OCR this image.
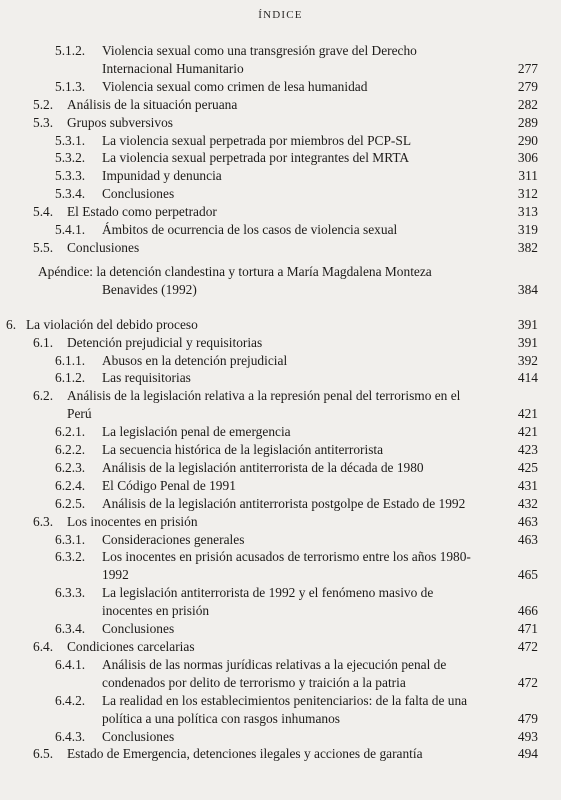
ÍNDICE
5.1.2. Violencia sexual como una transgresión grave del Derecho Internacional Humanitario	277
5.1.3. Violencia sexual como crimen de lesa humanidad	279
5.2. Análisis de la situación peruana	282
5.3. Grupos subversivos	289
5.3.1. La violencia sexual perpetrada por miembros del PCP-SL	290
5.3.2. La violencia sexual perpetrada por integrantes del MRTA	306
5.3.3. Impunidad y denuncia	311
5.3.4. Conclusiones	312
5.4. El Estado como perpetrador	313
5.4.1. Ámbitos de ocurrencia de los casos de violencia sexual	319
5.5. Conclusiones	382
Apéndice: la detención clandestina y tortura a María Magdalena Monteza Benavides (1992)	384
6. La violación del debido proceso	391
6.1. Detención prejudicial y requisitorias	391
6.1.1. Abusos en la detención prejudicial	392
6.1.2. Las requisitorias	414
6.2. Análisis de la legislación relativa a la represión penal del terrorismo en el Perú	421
6.2.1. La legislación penal de emergencia	421
6.2.2. La secuencia histórica de la legislación antiterrorista	423
6.2.3. Análisis de la legislación antiterrorista de la década de 1980	425
6.2.4. El Código Penal de 1991	431
6.2.5. Análisis de la legislación antiterrorista postgolpe de Estado de 1992	432
6.3. Los inocentes en prisión	463
6.3.1. Consideraciones generales	463
6.3.2. Los inocentes en prisión acusados de terrorismo entre los años 1980-1992	465
6.3.3. La legislación antiterrorista de 1992 y el fenómeno masivo de inocentes en prisión	466
6.3.4. Conclusiones	471
6.4. Condiciones carcelarias	472
6.4.1. Análisis de las normas jurídicas relativas a la ejecución penal de condenados por delito de terrorismo y traición a la patria	472
6.4.2. La realidad en los establecimientos penitenciarios: de la falta de una política a una política con rasgos inhumanos	479
6.4.3. Conclusiones	493
6.5. Estado de Emergencia, detenciones ilegales y acciones de garantía	494
